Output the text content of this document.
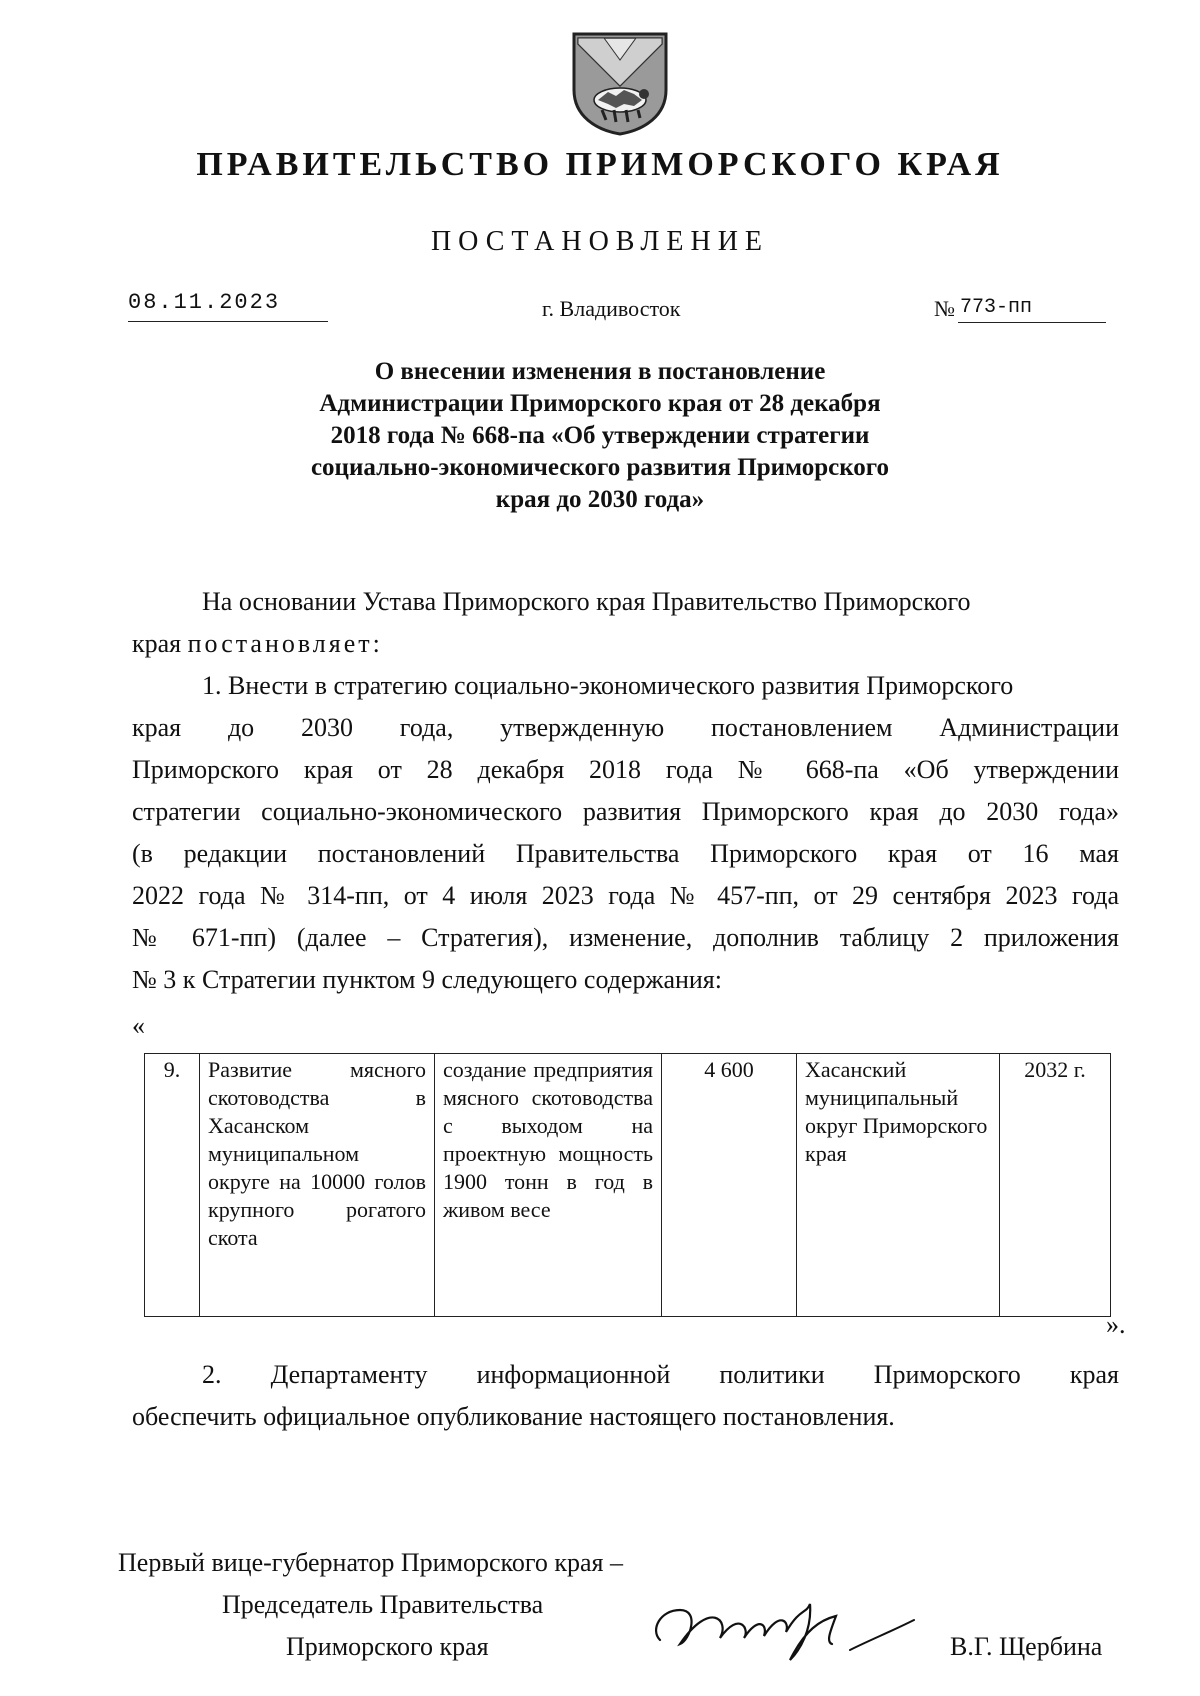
ПРАВИТЕЛЬСТВО ПРИМОРСКОГО КРАЯ
ПОСТАНОВЛЕНИЕ
08.11.2023	г. Владивосток	№ 773-пп
О внесении изменения в постановление
Администрации Приморского края от 28 декабря
2018 года № 668-па «Об утверждении стратегии
социально-экономического развития Приморского
края до 2030 года»
На основании Устава Приморского края Правительство Приморского
края постановляет:
1. Внести в стратегию социально-экономического развития Приморского
края до 2030 года, утвержденную постановлением Администрации
Приморского края от 28 декабря 2018 года № 668-па «Об утверждении
стратегии социально-экономического развития Приморского края до 2030 года»
(в редакции постановлений Правительства Приморского края от 16 мая
2022 года № 314-пп, от 4 июля 2023 года № 457-пп, от 29 сентября 2023 года
№ 671-пп) (далее – Стратегия), изменение, дополнив таблицу 2 приложения
№ 3 к Стратегии пунктом 9 следующего содержания:
«
9.	Развитие мясного скотоводства в Хасанском муниципальном округе на 10000 голов крупного рогатого скота	создание предприятия мясного скотоводства с выходом на проектную мощность 1900 тонн в год в живом весе	4 600	Хасанский муниципальный округ Приморского края	2032 г.
».
2. Департаменту информационной политики Приморского края
обеспечить официальное опубликование настоящего постановления.
Первый вице-губернатор Приморского края –
Председатель Правительства
Приморского края	В.Г. Щербина
